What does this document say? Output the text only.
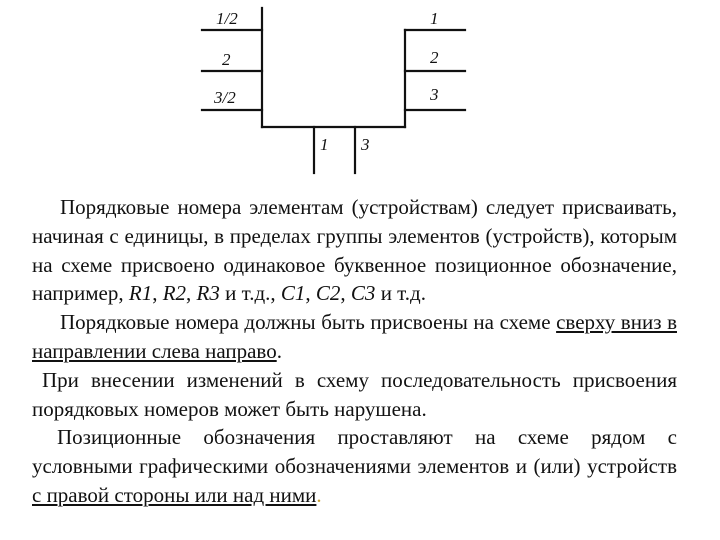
1/2
2
3/2
1
2
3
1 3

Порядковые номера элементам (устройствам) следует присваивать, начиная с единицы, в пределах группы элементов (устройств), которым на схеме присвоено одинаковое буквенное позиционное обозначение, например, R1, R2, R3 и т.д., C1, C2, C3 и т.д.

Порядковые номера должны быть присвоены на схеме сверху вниз в направлении слева направо.

При внесении изменений в схему последовательность присвоения порядковых номеров может быть нарушена.

Позиционные обозначения проставляют на схеме рядом с условными графическими обозначениями элементов и (или) устройств с правой стороны или над ними.
